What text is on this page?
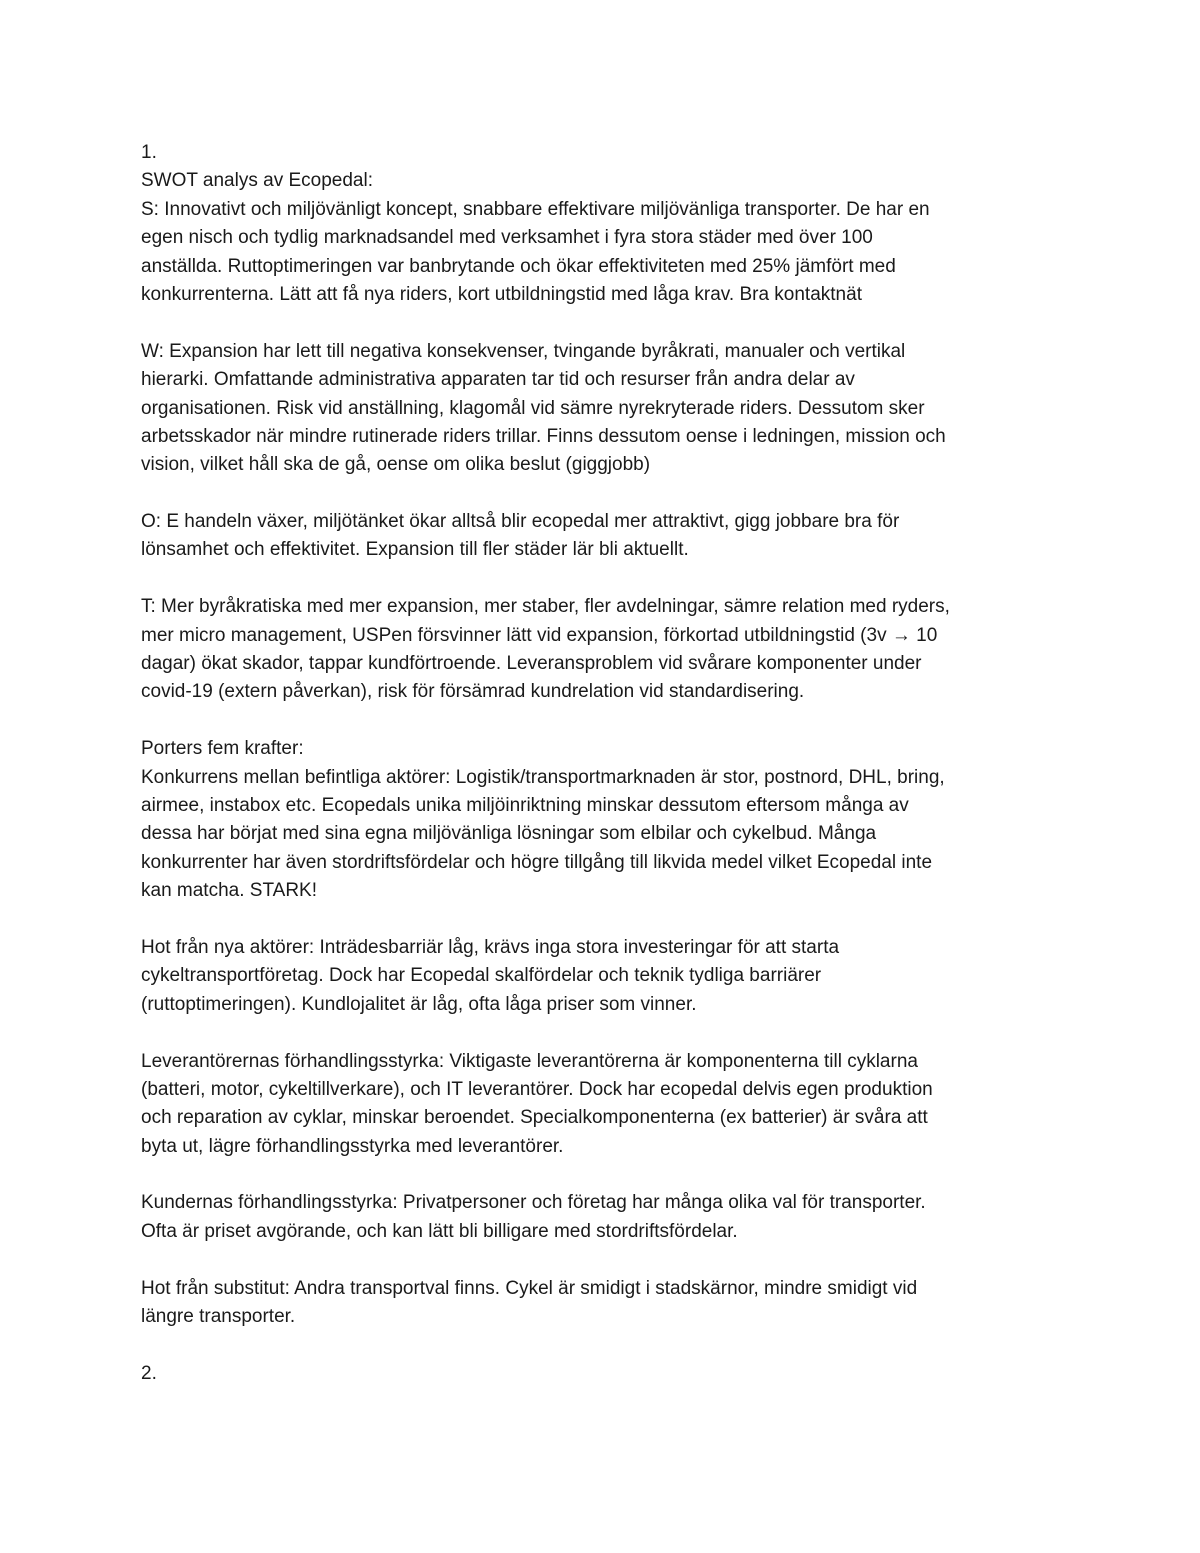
1.
SWOT analys av Ecopedal:
S: Innovativt och miljövänligt koncept, snabbare effektivare miljövänliga transporter. De har en
egen nisch och tydlig marknadsandel med verksamhet i fyra stora städer med över 100
anställda. Ruttoptimeringen var banbrytande och ökar effektiviteten med 25% jämfört med
konkurrenterna. Lätt att få nya riders, kort utbildningstid med låga krav. Bra kontaktnät
W: Expansion har lett till negativa konsekvenser, tvingande byråkrati, manualer och vertikal
hierarki. Omfattande administrativa apparaten tar tid och resurser från andra delar av
organisationen. Risk vid anställning, klagomål vid sämre nyrekryterade riders. Dessutom sker
arbetsskador när mindre rutinerade riders trillar. Finns dessutom oense i ledningen, mission och
vision, vilket håll ska de gå, oense om olika beslut (giggjobb)
O: E handeln växer, miljötänket ökar alltså blir ecopedal mer attraktivt, gigg jobbare bra för
lönsamhet och effektivitet. Expansion till fler städer lär bli aktuellt.
T: Mer byråkratiska med mer expansion, mer staber, fler avdelningar, sämre relation med ryders,
mer micro management, USPen försvinner lätt vid expansion, förkortad utbildningstid (3v → 10
dagar) ökat skador, tappar kundförtroende. Leveransproblem vid svårare komponenter under
covid-19 (extern påverkan), risk för försämrad kundrelation vid standardisering.
Porters fem krafter:
Konkurrens mellan befintliga aktörer: Logistik/transportmarknaden är stor, postnord, DHL, bring,
airmee, instabox etc. Ecopedals unika miljöinriktning minskar dessutom eftersom många av
dessa har börjat med sina egna miljövänliga lösningar som elbilar och cykelbud. Många
konkurrenter har även stordriftsfördelar och högre tillgång till likvida medel vilket Ecopedal inte
kan matcha. STARK!
Hot från nya aktörer: Inträdesbarriär låg, krävs inga stora investeringar för att starta
cykeltransportföretag. Dock har Ecopedal skalfördelar och teknik tydliga barriärer
(ruttoptimeringen). Kundlojalitet är låg, ofta låga priser som vinner.
Leverantörernas förhandlingsstyrka: Viktigaste leverantörerna är komponenterna till cyklarna
(batteri, motor, cykeltillverkare), och IT leverantörer. Dock har ecopedal delvis egen produktion
och reparation av cyklar, minskar beroendet. Specialkomponenterna (ex batterier) är svåra att
byta ut, lägre förhandlingsstyrka med leverantörer.
Kundernas förhandlingsstyrka: Privatpersoner och företag har många olika val för transporter.
Ofta är priset avgörande, och kan lätt bli billigare med stordriftsfördelar.
Hot från substitut: Andra transportval finns. Cykel är smidigt i stadskärnor, mindre smidigt vid
längre transporter.
2.
